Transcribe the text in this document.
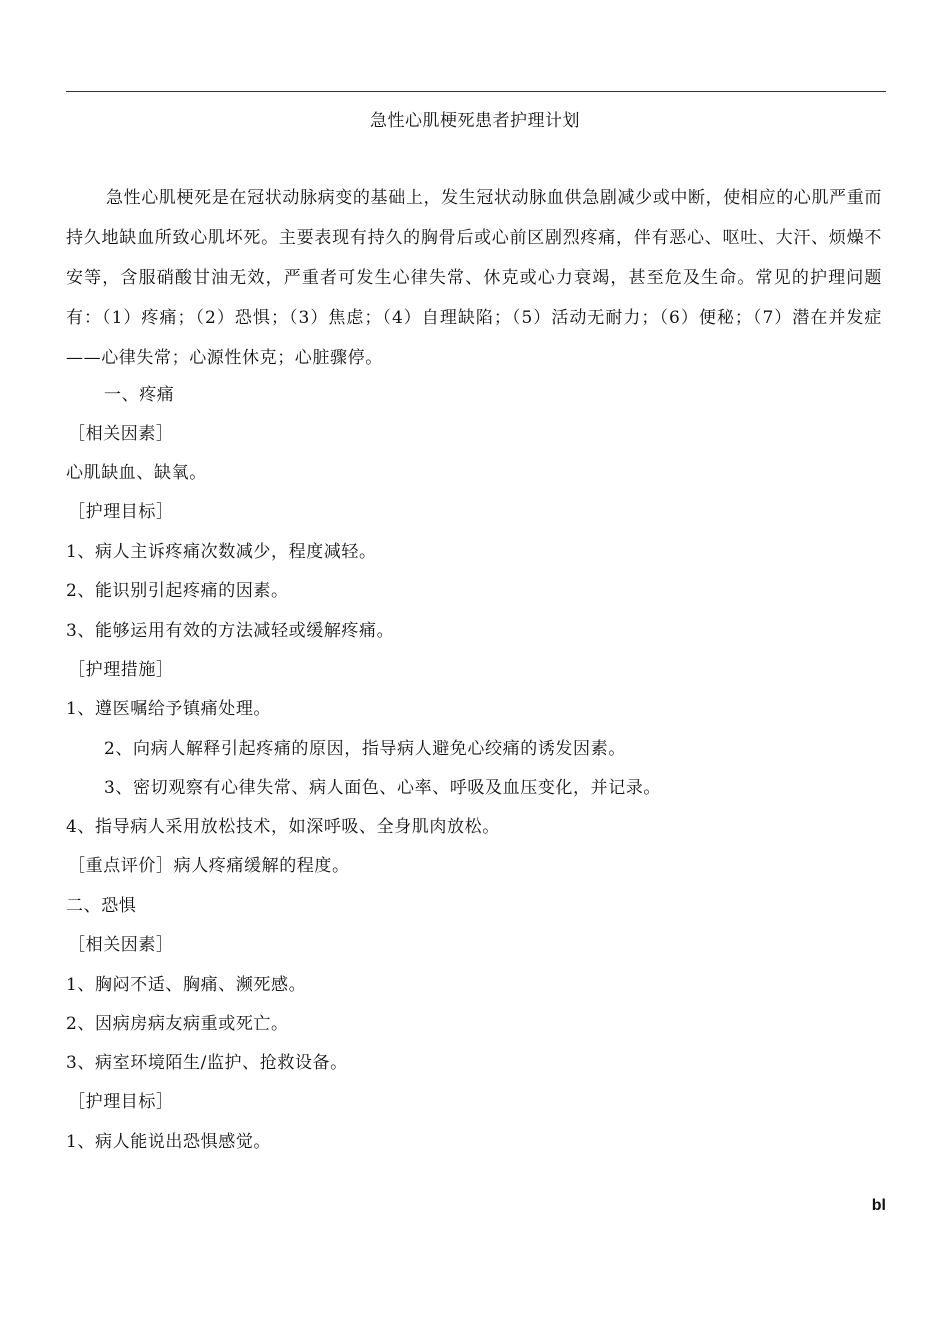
急性心肌梗死患者护理计划

急性心肌梗死是在冠状动脉病变的基础上，发生冠状动脉血供急剧减少或中断，使相应的心肌严重而持久地缺血所致心肌坏死。主要表现有持久的胸骨后或心前区剧烈疼痛，伴有恶心、呕吐、大汗、烦燥不安等，含服硝酸甘油无效，严重者可发生心律失常、休克或心力衰竭，甚至危及生命。常见的护理问题有：（1）疼痛；（2）恐惧；（3）焦虑；（4）自理缺陷；（5）活动无耐力；（6）便秘；（7）潜在并发症——心律失常；心源性休克；心脏骤停。

一、疼痛
［相关因素］
心肌缺血、缺氧。
［护理目标］
1、病人主诉疼痛次数减少，程度减轻。
2、能识别引起疼痛的因素。
3、能够运用有效的方法减轻或缓解疼痛。
［护理措施］
1、遵医嘱给予镇痛处理。
2、向病人解释引起疼痛的原因，指导病人避免心绞痛的诱发因素。
3、密切观察有心律失常、病人面色、心率、呼吸及血压变化，并记录。
4、指导病人采用放松技术，如深呼吸、全身肌肉放松。
［重点评价］病人疼痛缓解的程度。
二、恐惧
［相关因素］
1、胸闷不适、胸痛、濒死感。
2、因病房病友病重或死亡。
3、病室环境陌生/监护、抢救设备。
［护理目标］
1、病人能说出恐惧感觉。
bl
